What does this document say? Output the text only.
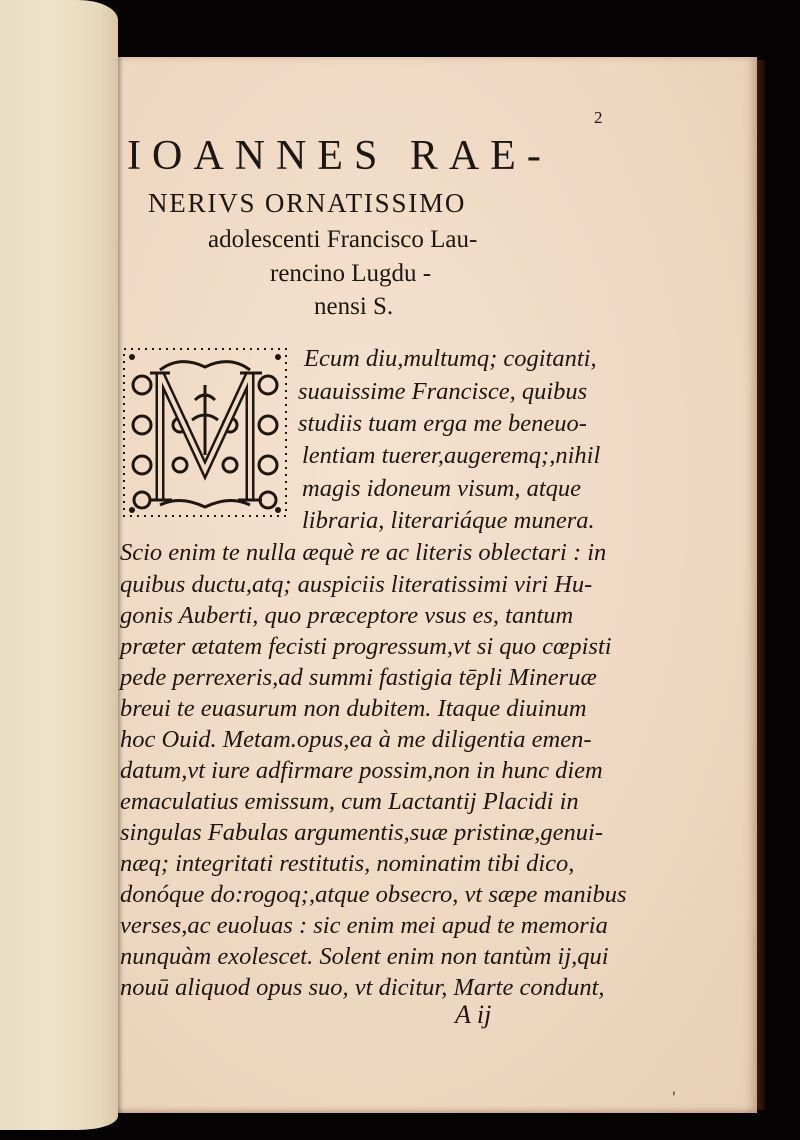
2
IOANNES RAE-
NERIVS ORNATISSIMO
adolescenti Francisco Lau-
rencino Lugdu -
nensi S.
Ecum diu,multumq; cogitanti,
suauissime Francisce, quibus
studiis tuam erga me beneuo-
lentiam tuerer,augeremq;,nihil
magis idoneum visum, atque
libraria, literariáque munera.
Scio enim te nulla æquè re ac literis oblectari : in
quibus ductu,atq; auspiciis literatissimi viri Hu-
gonis Auberti, quo præceptore vsus es, tantum
præter ætatem fecisti progressum,vt si quo cœpisti
pede perrexeris,ad summi fastigia tēpli Mineruæ
breui te euasurum non dubitem. Itaque diuinum
hoc Ouid. Metam.opus,ea à me diligentia emen-
datum,vt iure adfirmare possim,non in hunc diem
emaculatius emissum, cum Lactantij Placidi in
singulas Fabulas argumentis,suæ pristinæ,genui-
næq; integritati restitutis, nominatim tibi dico,
donóque do:rogoq;,atque obsecro, vt sæpe manibus
verses,ac euoluas : sic enim mei apud te memoria
nunquàm exolescet. Solent enim non tantùm ij,qui
nouū aliquod opus suo, vt dicitur, Marte condunt,
A ij
'
